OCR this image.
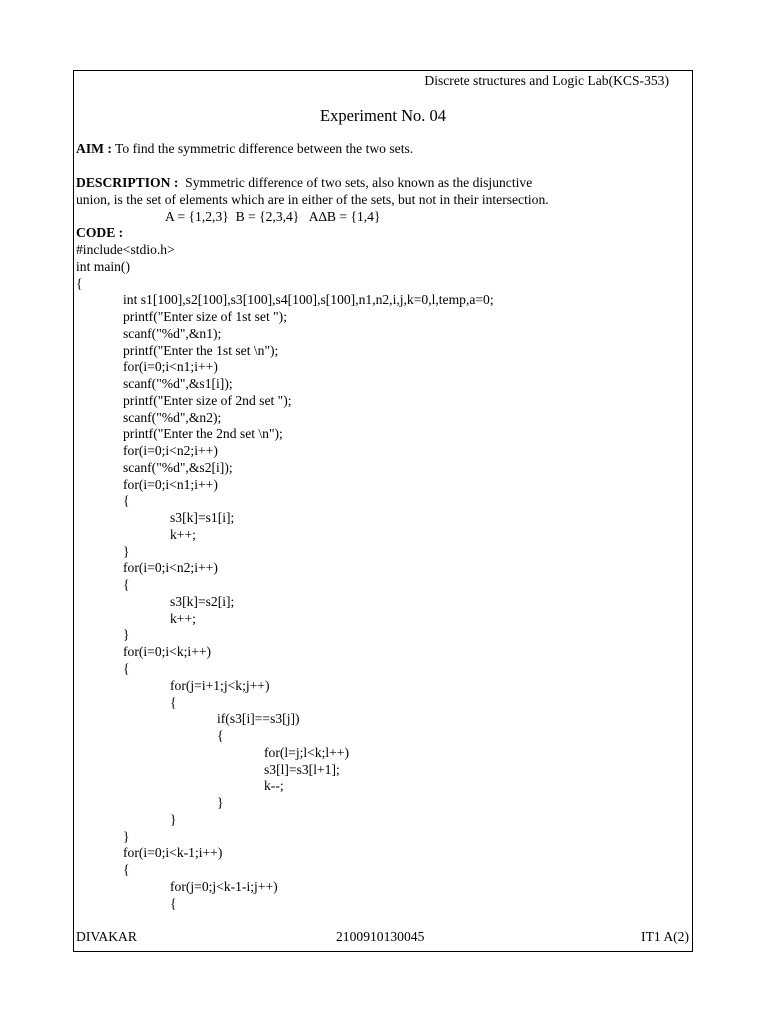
Discrete structures and Logic Lab(KCS-353)
Experiment No. 04
AIM : To find the symmetric difference between the two sets.
DESCRIPTION :  Symmetric difference of two sets, also known as the disjunctive
union, is the set of elements which are in either of the sets, but not in their intersection.
A = {1,2,3}  B = {2,3,4}   A∆B = {1,4}
CODE :
#include<stdio.h>
int main()
{
int s1[100],s2[100],s3[100],s4[100],s[100],n1,n2,i,j,k=0,l,temp,a=0;
printf("Enter size of 1st set ");
scanf("%d",&n1);
printf("Enter the 1st set \n");
for(i=0;i<n1;i++)
scanf("%d",&s1[i]);
printf("Enter size of 2nd set ");
scanf("%d",&n2);
printf("Enter the 2nd set \n");
for(i=0;i<n2;i++)
scanf("%d",&s2[i]);
for(i=0;i<n1;i++)
{
s3[k]=s1[i];
k++;
}
for(i=0;i<n2;i++)
{
s3[k]=s2[i];
k++;
}
for(i=0;i<k;i++)
{
for(j=i+1;j<k;j++)
{
if(s3[i]==s3[j])
{
for(l=j;l<k;l++)
s3[l]=s3[l+1];
k--;
}
}
}
for(i=0;i<k-1;i++)
{
for(j=0;j<k-1-i;j++)
{
DIVAKAR	2100910130045	IT1 A(2)
